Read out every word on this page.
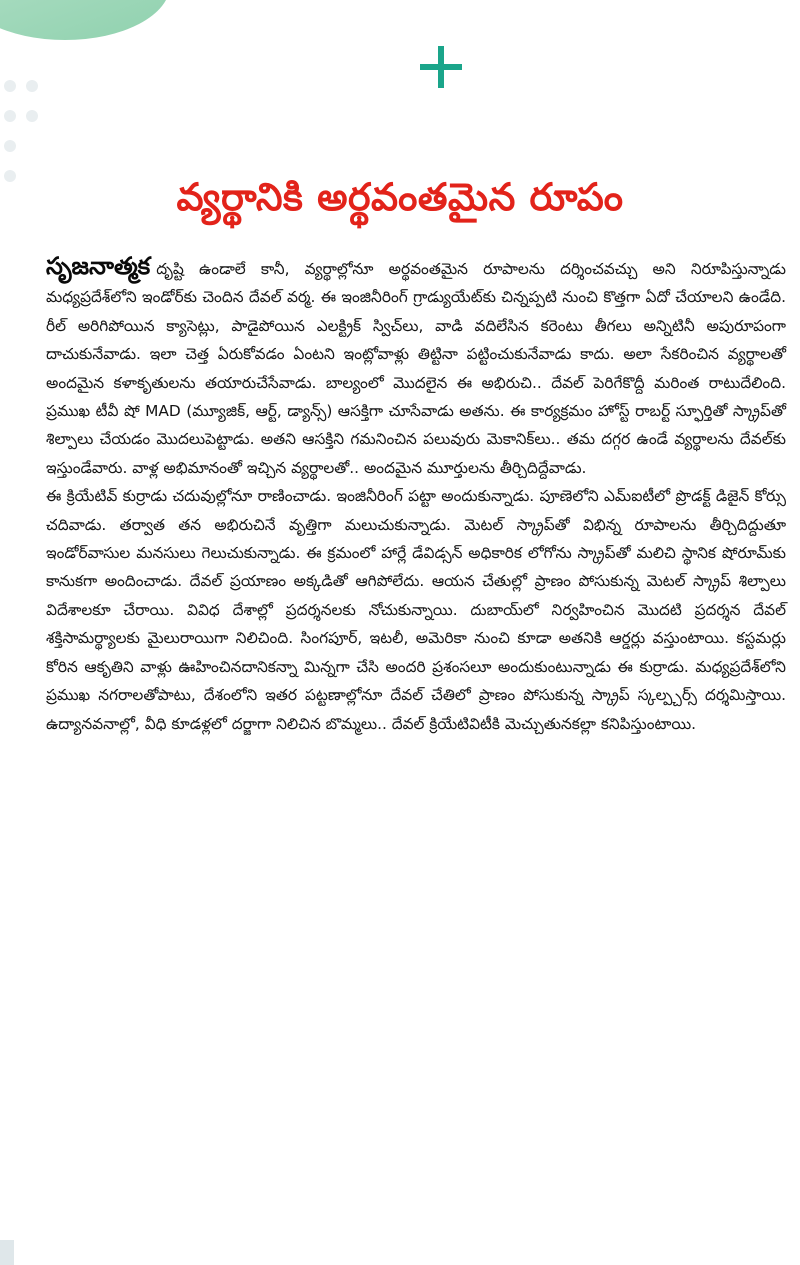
వ్యర్థానికి అర్థవంతమైన రూపం

సృజనాత్మక దృష్టి ఉండాలే కానీ, వ్యర్థాల్లోనూ అర్థవంతమైన రూపాలను దర్శించవచ్చు అని నిరూపిస్తున్నాడు మధ్యప్రదేశ్‌లోని ఇండోర్‌కు చెందిన దేవల్ వర్మ. ఈ ఇంజినీరింగ్ గ్రాడ్యుయేట్‌కు చిన్నప్పటి నుంచి కొత్తగా ఏదో చేయాలని ఉండేది. రీల్ అరిగిపోయిన క్యాసెట్లు, పాడైపోయిన ఎలక్ట్రిక్ స్విచ్‌లు, వాడి వదిలేసిన కరెంటు తీగలు అన్నిటినీ అపురూపంగా దాచుకునేవాడు. ఇలా చెత్త ఏరుకోవడం ఏంటని ఇంట్లోవాళ్లు తిట్టినా పట్టించుకునేవాడు కాదు. అలా సేకరించిన వ్యర్థాలతో అందమైన కళాకృతులను తయారుచేసేవాడు. బాల్యంలో మొదలైన ఈ అభిరుచి.. దేవల్ పెరిగేకొద్దీ మరింత రాటుదేలింది. ప్రముఖ టీవీ షో MAD (మ్యూజిక్, ఆర్ట్, డ్యాన్స్) ఆసక్తిగా చూసేవాడు అతను. ఈ కార్యక్రమం హోస్ట్ రాబర్ట్ స్ఫూర్తితో స్క్రాప్‌తో శిల్పాలు చేయడం మొదలుపెట్టాడు. అతని ఆసక్తిని గమనించిన పలువురు మెకానిక్‌లు.. తమ దగ్గర ఉండే వ్యర్థాలను దేవల్‌కు ఇస్తుండేవారు. వాళ్ల అభిమానంతో ఇచ్చిన వ్యర్థాలతో.. అందమైన మూర్తులను తీర్చిదిద్దేవాడు.

ఈ క్రియేటివ్ కుర్రాడు చదువుల్లోనూ రాణించాడు. ఇంజినీరింగ్ పట్టా అందుకున్నాడు. పూణెలోని ఎమ్ఐటీలో ప్రొడక్ట్ డిజైన్ కోర్సు చదివాడు. తర్వాత తన అభిరుచినే వృత్తిగా మలుచుకున్నాడు. మెటల్ స్క్రాప్‌తో విభిన్న రూపాలను తీర్చిదిద్దుతూ ఇండోర్‌వాసుల మనసులు గెలుచుకున్నాడు. ఈ క్రమంలో హార్లే డేవిడ్సన్ అధికారిక లోగోను స్క్రాప్‌తో మలిచి స్థానిక షోరూమ్‌కు కానుకగా అందించాడు. దేవల్ ప్రయాణం అక్కడితో ఆగిపోలేదు. ఆయన చేతుల్లో ప్రాణం పోసుకున్న మెటల్ స్క్రాప్ శిల్పాలు విదేశాలకూ చేరాయి. వివిధ దేశాల్లో ప్రదర్శనలకు నోచుకున్నాయి. దుబాయ్‌లో నిర్వహించిన మొదటి ప్రదర్శన దేవల్ శక్తిసామర్థ్యాలకు మైలురాయిగా నిలిచింది. సింగపూర్, ఇటలీ, అమెరికా నుంచి కూడా అతనికి ఆర్డర్లు వస్తుంటాయి. కస్టమర్లు కోరిన ఆకృతిని వాళ్లు ఊహించినదానికన్నా మిన్నగా చేసి అందరి ప్రశంసలూ అందుకుంటున్నాడు ఈ కుర్రాడు. మధ్యప్రదేశ్‌లోని ప్రముఖ నగరాలతోపాటు, దేశంలోని ఇతర పట్టణాల్లోనూ దేవల్ చేతిలో ప్రాణం పోసుకున్న స్క్రాప్ స్కల్ప్చర్స్ దర్శమిస్తాయి. ఉద్యానవనాల్లో, వీధి కూడళ్లలో దర్జాగా నిలిచిన బొమ్మలు.. దేవల్ క్రియేటివిటీకి మెచ్చుతునకల్లా కనిపిస్తుంటాయి.
